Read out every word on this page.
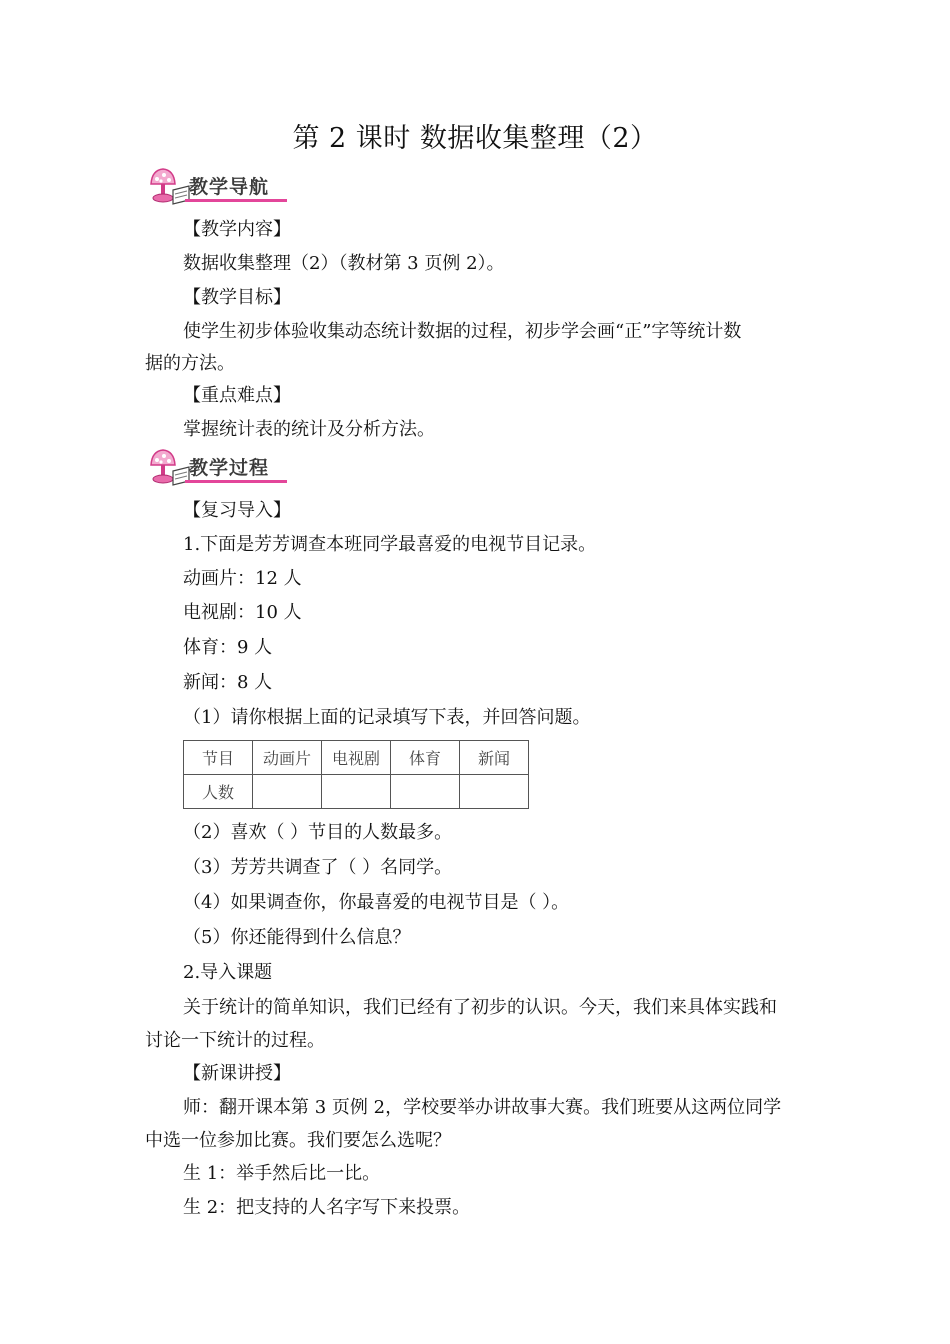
第 2 课时 数据收集整理（2）
教学导航
【教学内容】
数据收集整理（2）（教材第 3 页例 2）。
【教学目标】
使学生初步体验收集动态统计数据的过程，初步学会画“正”字等统计数
据的方法。
【重点难点】
掌握统计表的统计及分析方法。
教学过程
【复习导入】
1.下面是芳芳调查本班同学最喜爱的电视节目记录。
动画片：12 人
电视剧：10 人
体育：9 人
新闻：8 人
（1）请你根据上面的记录填写下表，并回答问题。
节目	动画片	电视剧	体育	新闻
人数				
（2）喜欢（ ）节目的人数最多。
（3）芳芳共调查了（ ）名同学。
（4）如果调查你，你最喜爱的电视节目是（ ）。
（5）你还能得到什么信息？
2.导入课题
关于统计的简单知识，我们已经有了初步的认识。今天，我们来具体实践和
讨论一下统计的过程。
【新课讲授】
师：翻开课本第 3 页例 2，学校要举办讲故事大赛。我们班要从这两位同学
中选一位参加比赛。我们要怎么选呢？
生 1：举手然后比一比。
生 2：把支持的人名字写下来投票。
